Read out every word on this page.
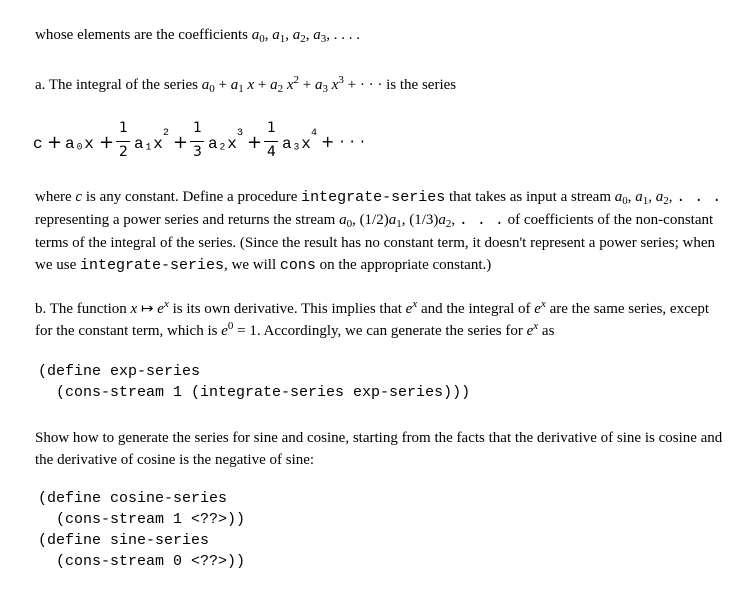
whose elements are the coefficients $a_0$, $a_1$, $a_2$, $a_3$, . . . .
a. The integral of the series $a_0 + a_1$ $x + a_2$ $x^2 + a_3$ $x^3$ + · · · is the series
c + a₀x +
1
2 a₁x
2 +
1
3 a₂x
3 +
1
4 a₃x
4 + · · ·
where c is any constant. Define a procedure integrate-series that takes as input a stream $a_0$, $a_1$, $a_2$, . . . representing a power series and returns the stream $a_0$, $(1/2)a_1$, $(1/3)a_2$, . . . of coefficients of the non-constant terms of the integral of the series. (Since the result has no constant term, it doesn't represent a power series; when we use integrate-series, we will cons on the appropriate constant.)
b. The function x ↦ $e^x$ is its own derivative. This implies that $e^x$ and the integral of $e^x$ are the same series, except for the constant term, which is $e^0 = 1$. Accordingly, we can generate the series for $e^x$ as
(define exp-series
(cons-stream 1 (integrate-series exp-series)))
Show how to generate the series for sine and cosine, starting from the facts that the derivative of sine is cosine and the derivative of cosine is the negative of sine:
(define cosine-series
(cons-stream 1 <??>))
(define sine-series
(cons-stream 0 <??>))
